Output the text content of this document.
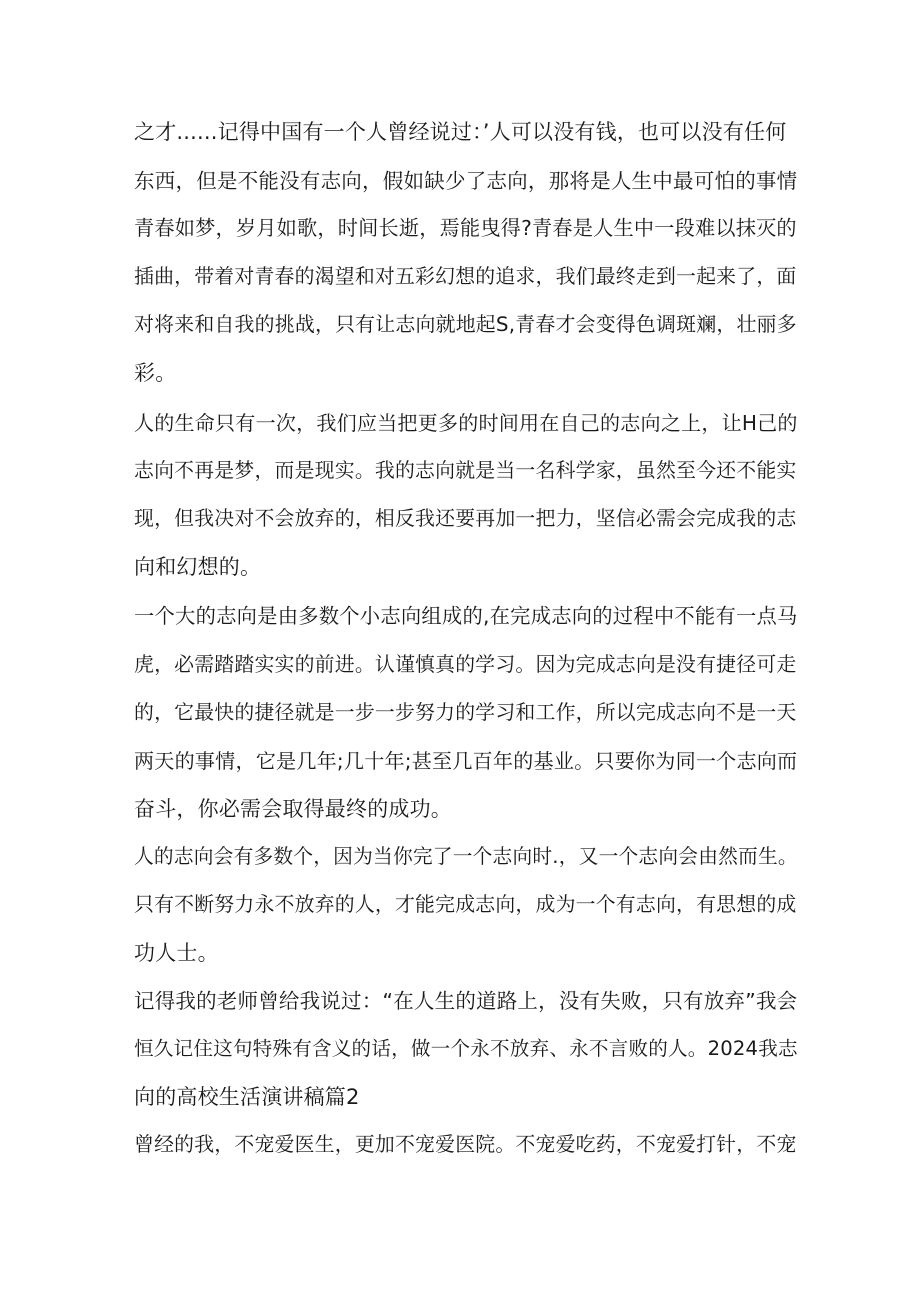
之才......记得中国有一个人曾经说过：’人可以没有钱，也可以没有任何
东西，但是不能没有志向，假如缺少了志向，那将是人生中最可怕的事情
青春如梦，岁月如歌，时间长逝，焉能曳得?青春是人生中一段难以抹灭的
插曲，带着对青春的渴望和对五彩幻想的追求，我们最终走到一起来了，面
对将来和自我的挑战，只有让志向就地起S,青春才会变得色调斑斓，壮丽多
彩。
人的生命只有一次，我们应当把更多的时间用在自己的志向之上，让H己的
志向不再是梦，而是现实。我的志向就是当一名科学家，虽然至今还不能实
现，但我决对不会放弃的，相反我还要再加一把力，坚信必需会完成我的志
向和幻想的。
一个大的志向是由多数个小志向组成的,在完成志向的过程中不能有一点马
虎，必需踏踏实实的前进。认谨慎真的学习。因为完成志向是没有捷径可走
的，它最快的捷径就是一步一步努力的学习和工作，所以完成志向不是一天
两天的事情，它是几年;几十年;甚至几百年的基业。只要你为同一个志向而
奋斗，你必需会取得最终的成功。
人的志向会有多数个，因为当你完了一个志向时.，又一个志向会由然而生。
只有不断努力永不放弃的人，才能完成志向，成为一个有志向，有思想的成
功人士。
记得我的老师曾给我说过：“在人生的道路上，没有失败，只有放弃”我会
恒久记住这句特殊有含义的话，做一个永不放弃、永不言败的人。2024我志
向的高校生活演讲稿篇2
曾经的我，不宠爱医生，更加不宠爱医院。不宠爱吃药，不宠爱打针，不宠
